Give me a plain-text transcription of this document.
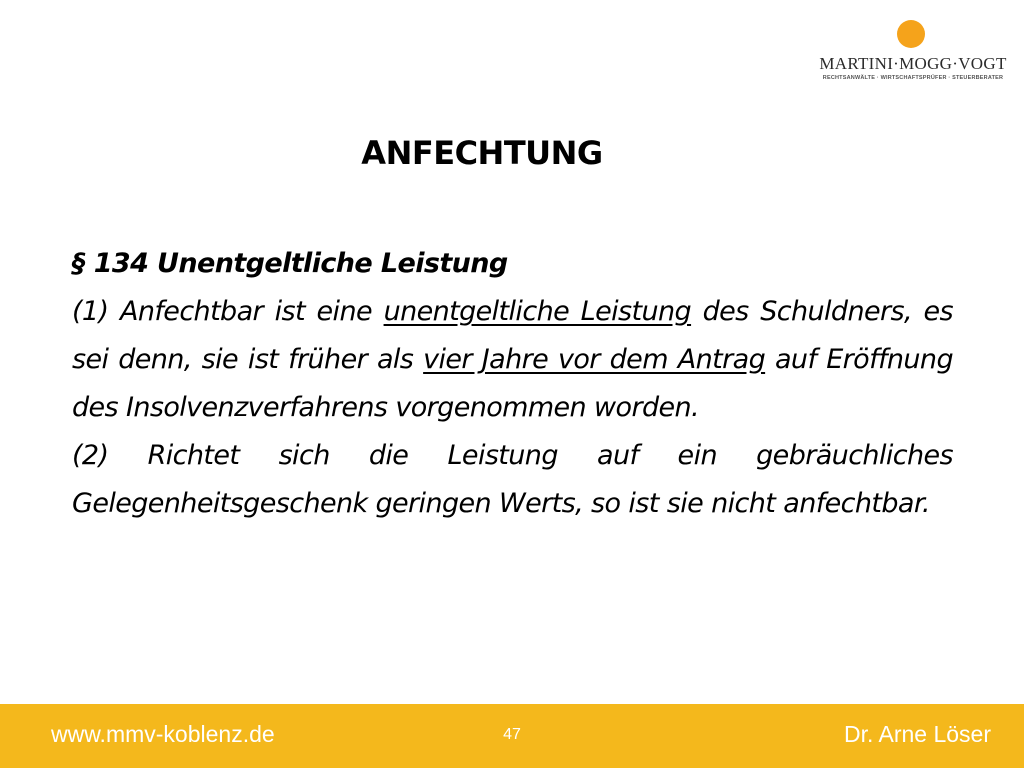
MARTINI·MOGG·VOGT
RECHTSANWÄLTE · WIRTSCHAFTSPRÜFER · STEUERBERATER
ANFECHTUNG
§ 134 Unentgeltliche Leistung

(1) Anfechtbar ist eine unentgeltliche Leistung des Schuldners, es sei denn, sie ist früher als vier Jahre vor dem Antrag auf Eröffnung des Insolvenzverfahrens vorgenommen worden.

(2) Richtet sich die Leistung auf ein gebräuchliches Gelegenheitsgeschenk geringen Werts, so ist sie nicht anfechtbar.

www.mmv-koblenz.de	47	Dr. Arne Löser
